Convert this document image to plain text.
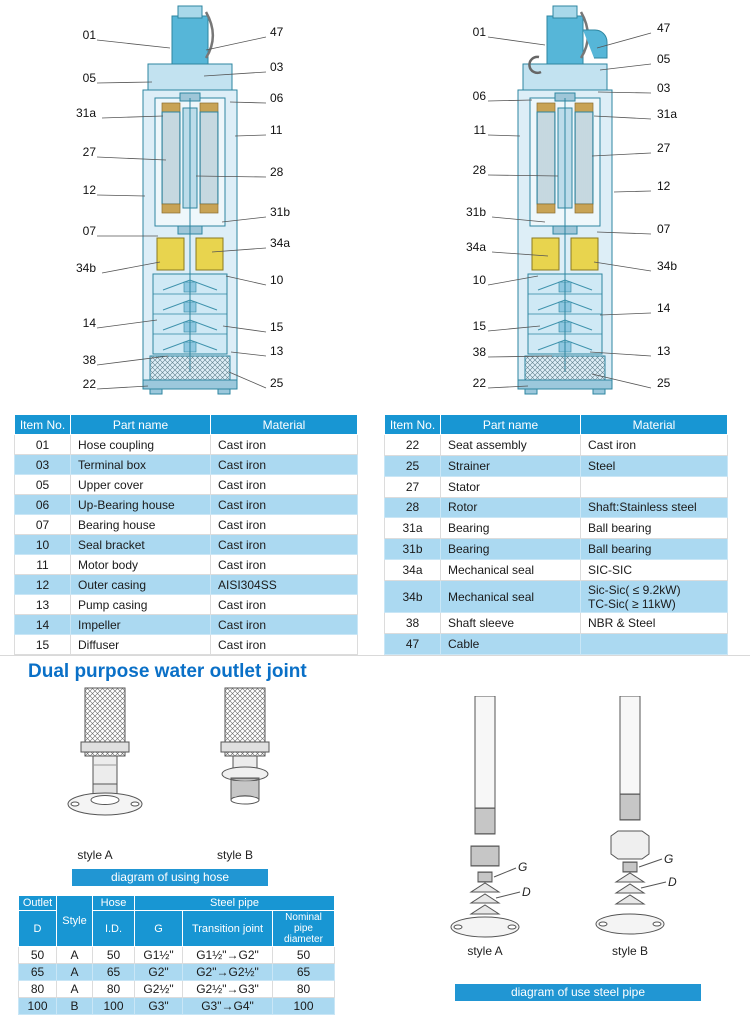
01
05
31a
27
12
07
34b
14
38
22
47
03
06
11
28
31b
34a
10
15
13
25
01
06
11
28
31b
34a
10
15
38
22
47
05
03
31a
27
12
07
34b
14
13
25
Item No.	Part name	Material
01	Hose coupling	Cast iron
03	Terminal box	Cast iron
05	Upper cover	Cast iron
06	Up-Bearing house	Cast iron
07	Bearing house	Cast iron
10	Seal bracket	Cast iron
11	Motor body	Cast iron
12	Outer casing	AISI304SS
13	Pump casing	Cast iron
14	Impeller	Cast iron
15	Diffuser	Cast iron
Item No.	Part name	Material
22	Seat assembly	Cast iron
25	Strainer	Steel
27	Stator	
28	Rotor	Shaft:Stainless steel
31a	Bearing	Ball bearing
31b	Bearing	Ball bearing
34a	Mechanical seal	SIC-SIC
34b	Mechanical seal	Sic-Sic( ≤ 9.2kW)
TC-Sic( ≥ 11kW)

38	Shaft sleeve	NBR & Steel
47	Cable	
Dual purpose water outlet joint
style A	style B
diagram of using hose
G
D
G
D
style A	style B
diagram of use steel pipe
Outlet	Style	Hose	Steel pipe		
D		I.D.	G	Transition joint	Nominal pipe diameter
50	A	50	G1½"	G1½"→G2"	50
65	A	65	G2"	G2"→G2½"	65
80	A	80	G2½"	G2½"→G3"	80
100	B	100	G3"	G3"→G4"	100
